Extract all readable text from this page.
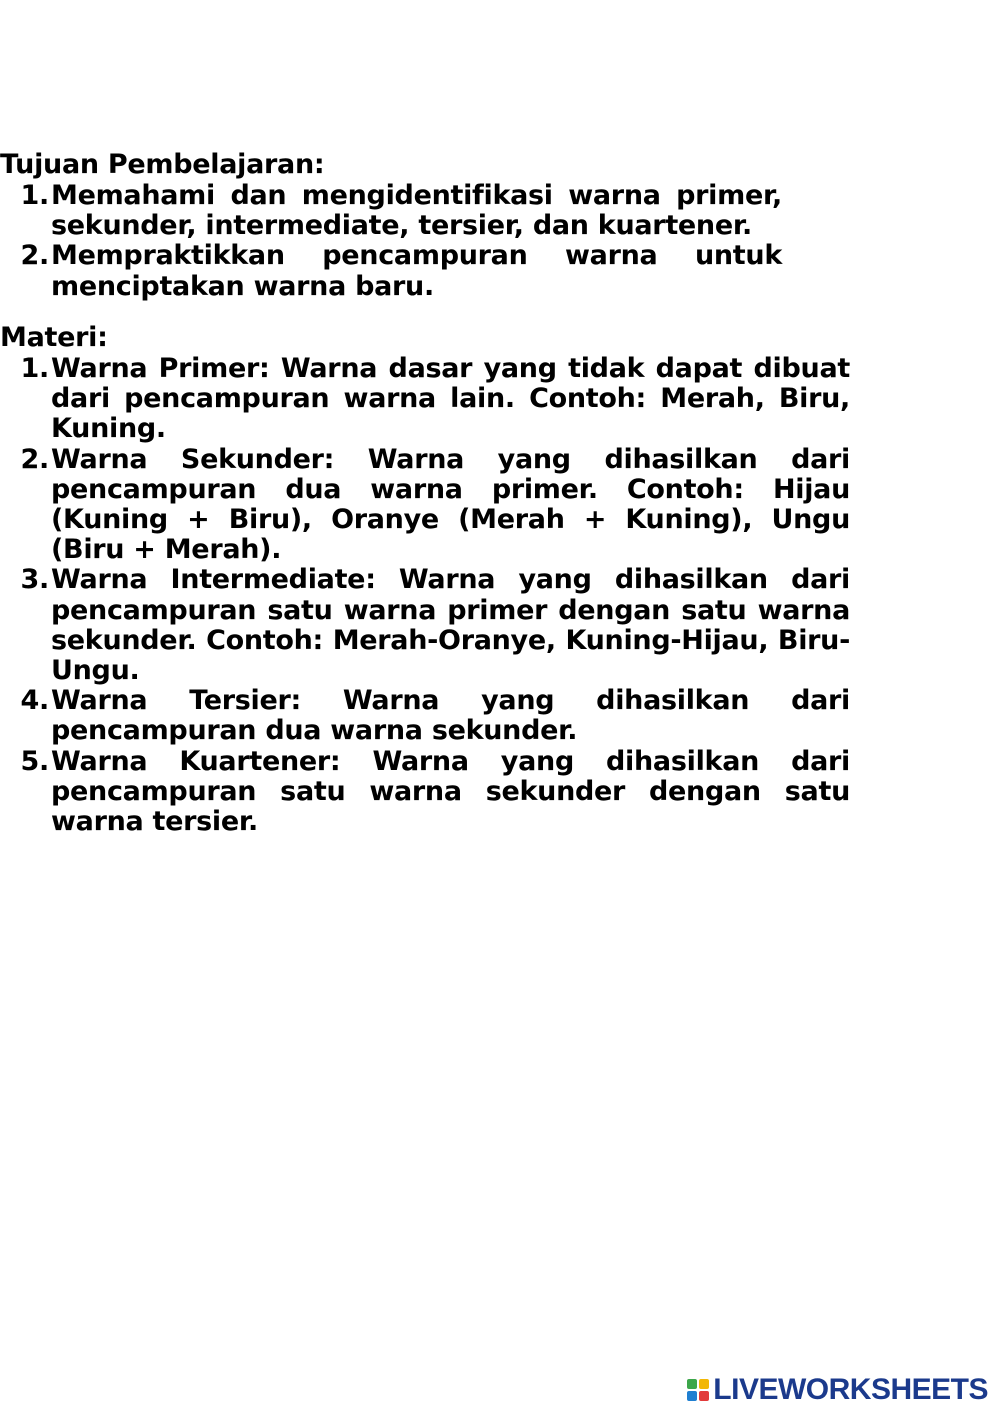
Tujuan Pembelajaran:
1. Memahami dan mengidentifikasi warna primer, sekunder, intermediate, tersier, dan kuartener.
2. Mempraktikkan pencampuran warna untuk menciptakan warna baru.
Materi:
1. Warna Primer: Warna dasar yang tidak dapat dibuat dari pencampuran warna lain. Contoh: Merah, Biru, Kuning.
2. Warna Sekunder: Warna yang dihasilkan dari pencampuran dua warna primer. Contoh: Hijau (Kuning + Biru), Oranye (Merah + Kuning), Ungu (Biru + Merah).
3. Warna Intermediate: Warna yang dihasilkan dari pencampuran satu warna primer dengan satu warna sekunder. Contoh: Merah-Oranye, Kuning-Hijau, Biru-Ungu.
4. Warna Tersier: Warna yang dihasilkan dari pencampuran dua warna sekunder.
5. Warna Kuartener: Warna yang dihasilkan dari pencampuran satu warna sekunder dengan satu warna tersier.
LIVEWORKSHEETS
